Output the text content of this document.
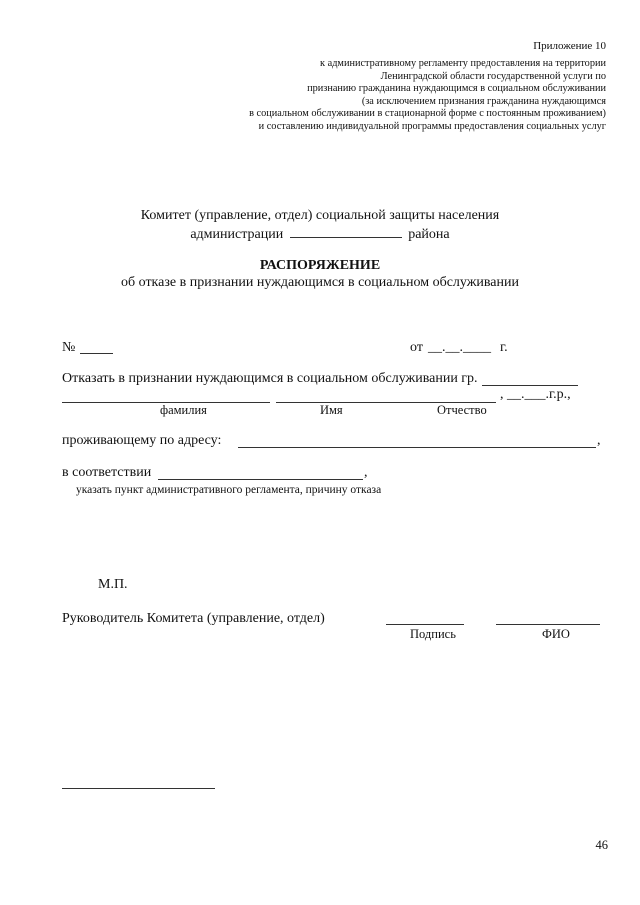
Приложение 10
к административному регламенту предоставления на территории
Ленинградской области государственной услуги по
признанию гражданина нуждающимся в социальном обслуживании
(за исключением признания гражданина нуждающимся
в социальном обслуживании в стационарной форме с постоянным проживанием)
и составлению индивидуальной программы предоставления социальных услуг
Комитет (управление, отдел) социальной защиты населения
администрации	района
РАСПОРЯЖЕНИЕ
об отказе в признании нуждающимся в социальном обслуживании
№	от __.__.____ г.
Отказать в признании нуждающимся в социальном обслуживании гр.
, __.___.г.р.,
фамилия	Имя	Отчество
проживающему по адресу:	,
в соответствии	,
указать пункт административного регламента, причину отказа
М.П.
Руководитель Комитета (управление, отдел)
Подпись	ФИО
46
